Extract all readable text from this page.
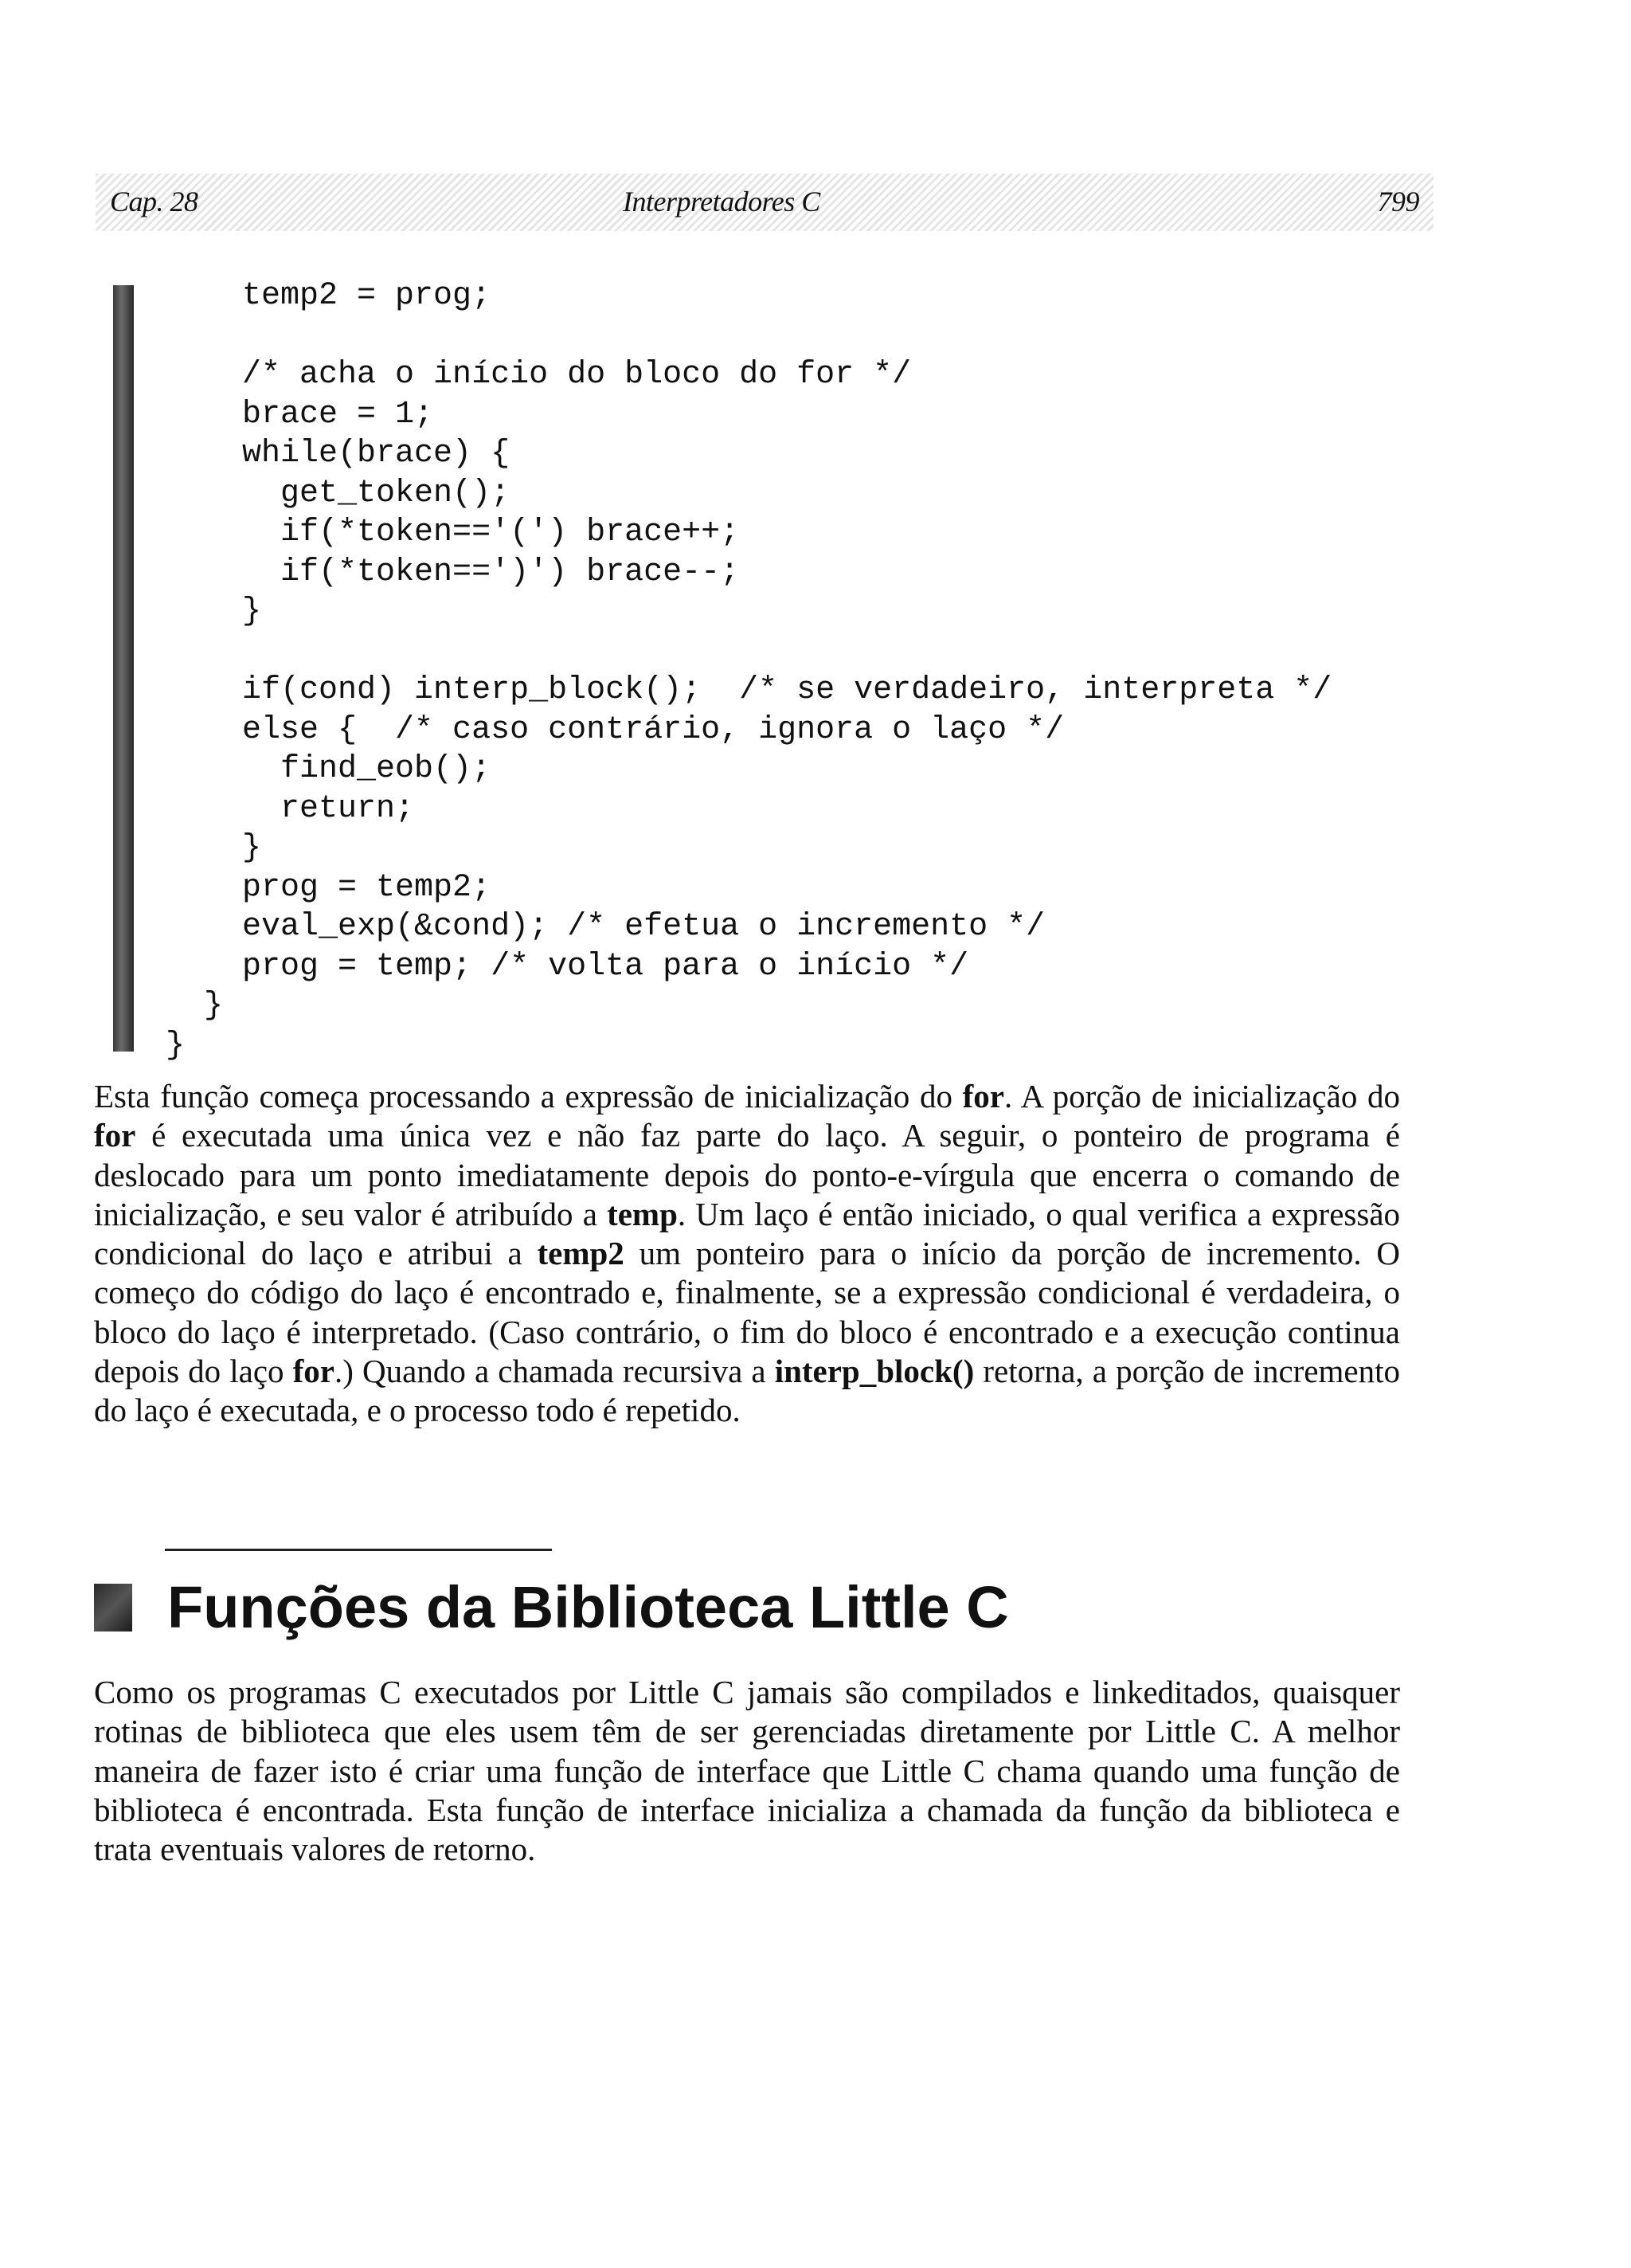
Cap. 28	Interpretadores C	799
temp2 = prog;

/* acha o início do bloco do for */
brace = 1;
while(brace) {
get_token();
if(*token=='(') brace++;
if(*token==')') brace--;
}

if(cond) interp_block();  /* se verdadeiro, interpreta */
else {  /* caso contrário, ignora o laço */
find_eob();
return;
}
prog = temp2;
eval_exp(&cond); /* efetua o incremento */
prog = temp; /* volta para o início */
}
}

Esta função começa processando a expressão de inicialização do for. A porção de inicialização do for é executada uma única vez e não faz parte do laço. A seguir, o ponteiro de programa é deslocado para um ponto imediatamente depois do ponto-e-vírgula que encerra o comando de inicialização, e seu valor é atribuído a temp. Um laço é então iniciado, o qual verifica a expressão condicional do laço e atribui a temp2 um ponteiro para o início da porção de incremento. O começo do código do laço é encontrado e, finalmente, se a expressão condicional é verdadeira, o bloco do laço é interpretado. (Caso contrário, o fim do bloco é encontrado e a execução continua depois do laço for.) Quando a chamada recursiva a interp_block() retorna, a porção de incremento do laço é executada, e o processo todo é repetido.

Funções da Biblioteca Little C

Como os programas C executados por Little C jamais são compilados e linkeditados, quaisquer rotinas de biblioteca que eles usem têm de ser gerenciadas diretamente por Little C. A melhor maneira de fazer isto é criar uma função de interface que Little C chama quando uma função de biblioteca é encontrada. Esta função de interface inicializa a chamada da função da biblioteca e trata eventuais valores de retorno.
